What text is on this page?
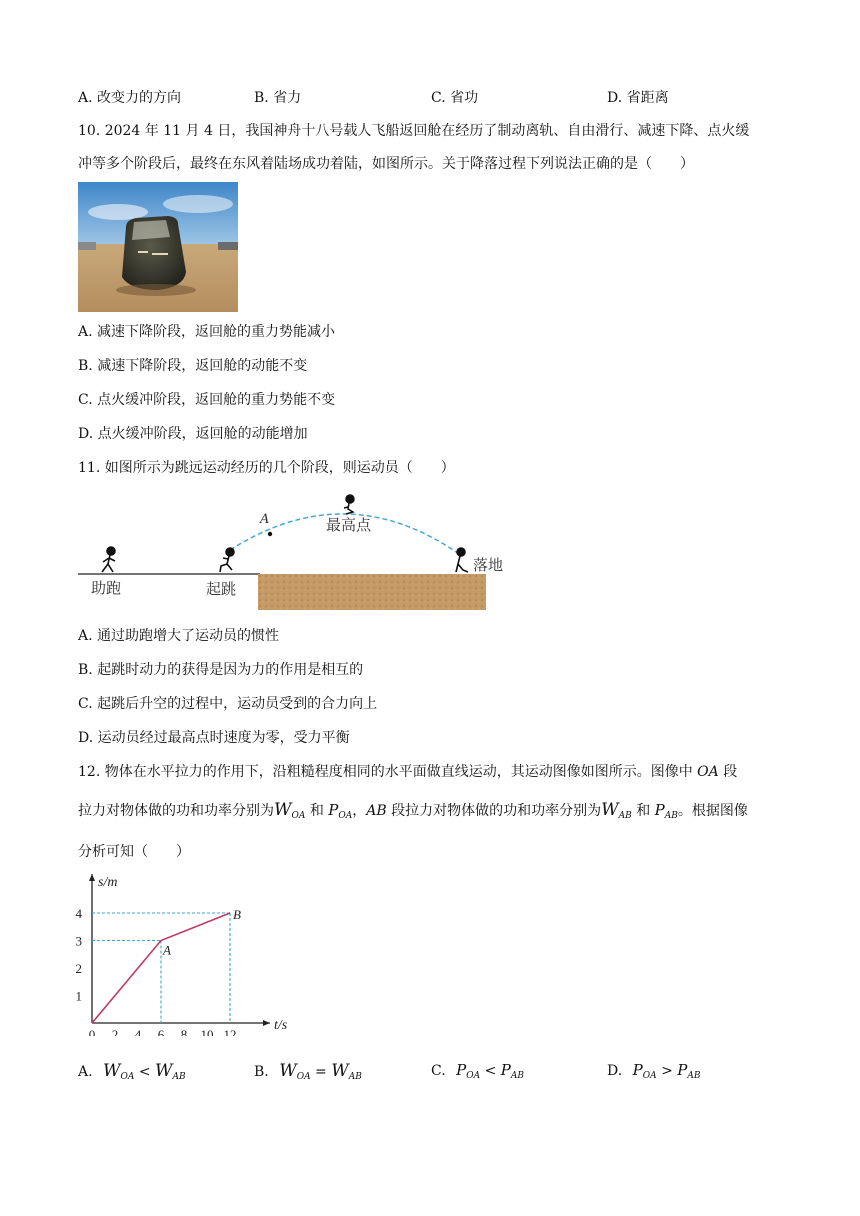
A. 改变力的方向	B. 省力	C. 省功	D. 省距离
10. 2024 年 11 月 4 日，我国神舟十八号载人飞船返回舱在经历了制动离轨、自由滑行、减速下降、点火缓
冲等多个阶段后，最终在东风着陆场成功着陆，如图所示。关于降落过程下列说法正确的是（　　）
A. 减速下降阶段，返回舱的重力势能减小
B. 减速下降阶段，返回舱的动能不变
C. 点火缓冲阶段，返回舱的重力势能不变
D. 点火缓冲阶段，返回舱的动能增加
11. 如图所示为跳远运动经历的几个阶段，则运动员（　　）
助跑	起跳
最高点
落地
A
A. 通过助跑增大了运动员的惯性
B. 起跳时动力的获得是因为力的作用是相互的
C. 起跳后升空的过程中，运动员受到的合力向上
D. 运动员经过最高点时速度为零，受力平衡
12. 物体在水平拉力的作用下，沿粗糙程度相同的水平面做直线运动，其运动图像如图所示。图像中 OA 段
拉力对物体做的功和功率分别为$W_{OA}$ 和 $P_{OA}$，AB 段拉力对物体做的功和功率分别为$W_{AB}$ 和 $P_{AB}$。根据图像
分析可知（　　）
2 4 6 8 10 12
1
2
3
4
0
t/s
s/m
A
B
A. $W_{OA} < W_{AB}$	B. $W_{OA} = W_{AB}$	C. $P_{OA} < P_{AB}$	D. $P_{OA} > P_{AB}$
